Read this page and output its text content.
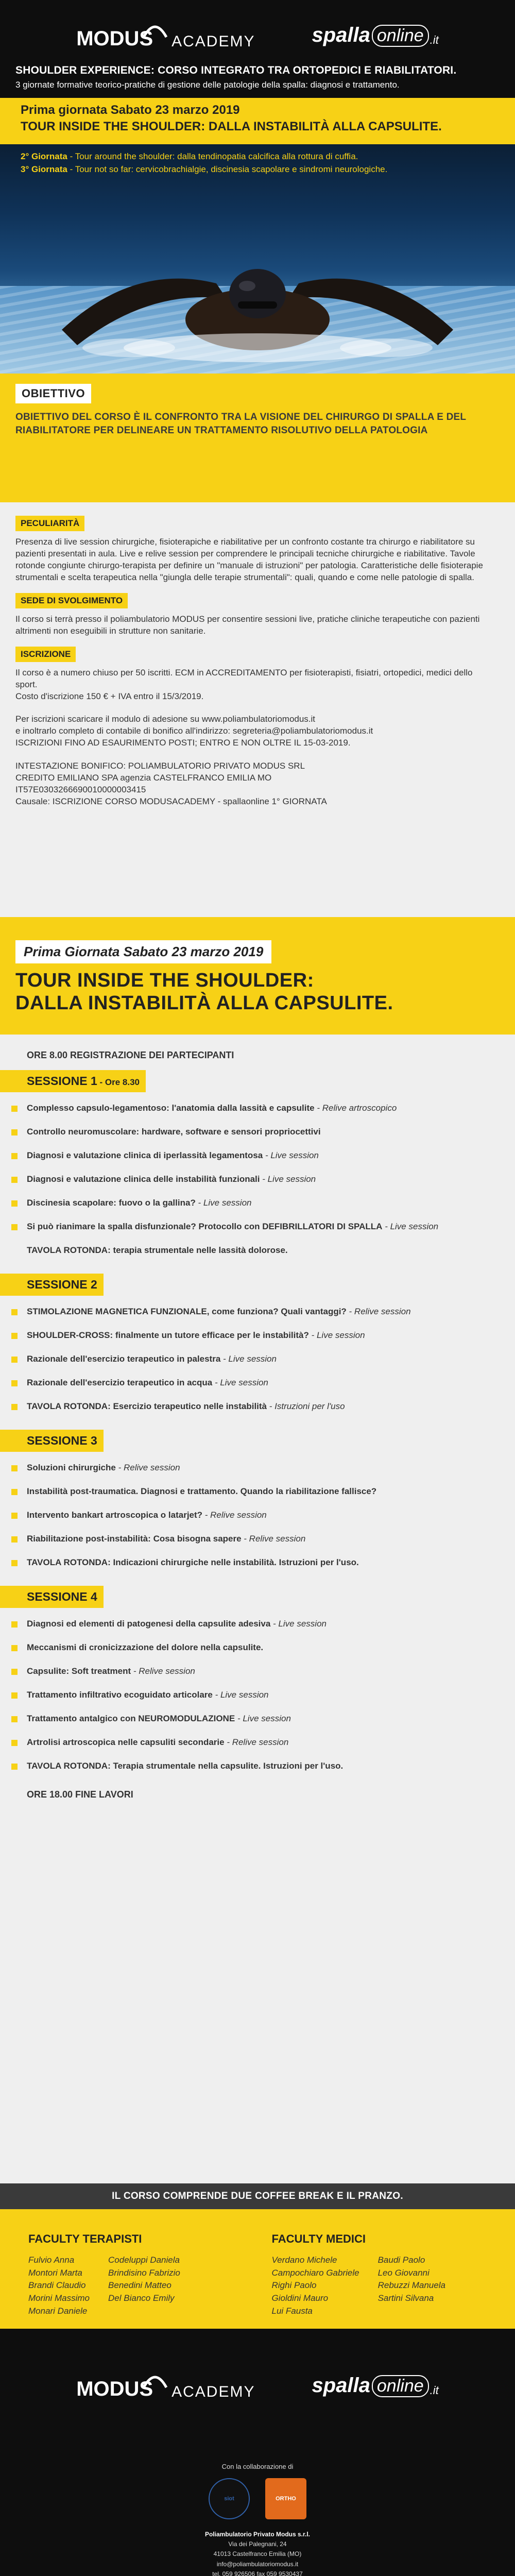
MODUS ACADEMY	spalla online .it
SHOULDER EXPERIENCE: CORSO INTEGRATO TRA ORTOPEDICI E RIABILITATORI.
3 giornate formative teorico-pratiche di gestione delle patologie della spalla: diagnosi e trattamento.
Prima giornata Sabato 23 marzo 2019
TOUR INSIDE THE SHOULDER: DALLA INSTABILITÀ ALLA CAPSULITE.
2° Giornata - Tour around the shoulder: dalla tendinopatia calcifica alla rottura di cuffia.
3° Giornata - Tour not so far: cervicobrachialgie, discinesia scapolare e sindromi neurologiche.
OBIETTIVO
OBIETTIVO DEL CORSO È IL CONFRONTO TRA LA VISIONE DEL CHIRURGO DI SPALLA E DEL RIABILITATORE PER DELINEARE UN TRATTAMENTO RISOLUTIVO DELLA PATOLOGIA
PECULIARITÀ

Presenza di live session chirurgiche, fisioterapiche e riabilitative per un confronto costante tra chirurgo e riabilitatore su pazienti presentati in aula. Live e relive session per comprendere le principali tecniche chirurgiche e riabilitative. Tavole rotonde congiunte chirurgo-terapista per definire un "manuale di istruzioni" per patologia. Caratteristiche delle fisioterapie strumentali e scelta terapeutica nella "giungla delle terapie strumentali": quali, quando e come nelle patologie di spalla.

SEDE DI SVOLGIMENTO

Il corso si terrà presso il poliambulatorio MODUS per consentire sessioni live, pratiche cliniche terapeutiche con pazienti altrimenti non eseguibili in strutture non sanitarie.

ISCRIZIONE

Il corso è a numero chiuso per 50 iscritti. ECM in ACCREDITAMENTO per fisioterapisti, fisiatri, ortopedici, medici dello sport.

Costo d'iscrizione 150 € + IVA entro il 15/3/2019.

Per iscrizioni scaricare il modulo di adesione su www.poliambulatoriomodus.it

e inoltrarlo completo di contabile di bonifico all'indirizzo: segreteria@poliambulatoriomodus.it

ISCRIZIONI FINO AD ESAURIMENTO POSTI; ENTRO E NON OLTRE IL 15-03-2019.

INTESTAZIONE BONIFICO: POLIAMBULATORIO PRIVATO MODUS SRL

CREDITO EMILIANO SPA agenzia CASTELFRANCO EMILIA MO

IT57E0303266690010000003415

Causale: ISCRIZIONE CORSO MODUSACADEMY - spallaonline 1° GIORNATA

Prima Giornata Sabato 23 marzo 2019
TOUR INSIDE THE SHOULDER:
DALLA INSTABILITÀ ALLA CAPSULITE.
ORE 8.00 REGISTRAZIONE DEI PARTECIPANTI
SESSIONE 1 - Ore 8.30
Complesso capsulo-legamentoso: l'anatomia dalla lassità e capsulite - Relive artroscopico
Controllo neuromuscolare: hardware, software e sensori propriocettivi
Diagnosi e valutazione clinica di iperlassità legamentosa - Live session
Diagnosi e valutazione clinica delle instabilità funzionali - Live session
Discinesia scapolare: fuovo o la gallina? - Live session
Si può rianimare la spalla disfunzionale? Protocollo con DEFIBRILLATORI DI SPALLA - Live session
TAVOLA ROTONDA: terapia strumentale nelle lassità dolorose.
SESSIONE 2
STIMOLAZIONE MAGNETICA FUNZIONALE, come funziona? Quali vantaggi? - Relive session
SHOULDER-CROSS: finalmente un tutore efficace per le instabilità? - Live session
Razionale dell'esercizio terapeutico in palestra - Live session
Razionale dell'esercizio terapeutico in acqua - Live session
TAVOLA ROTONDA: Esercizio terapeutico nelle instabilità - Istruzioni per l'uso
SESSIONE 3
Soluzioni chirurgiche - Relive session
Instabilità post-traumatica. Diagnosi e trattamento. Quando la riabilitazione fallisce?
Intervento bankart artroscopica o latarjet? - Relive session
Riabilitazione post-instabilità: Cosa bisogna sapere - Relive session
TAVOLA ROTONDA: Indicazioni chirurgiche nelle instabilità. Istruzioni per l'uso.
SESSIONE 4
Diagnosi ed elementi di patogenesi della capsulite adesiva - Live session
Meccanismi di cronicizzazione del dolore nella capsulite.
Capsulite: Soft treatment - Relive session
Trattamento infiltrativo ecoguidato articolare - Live session
Trattamento antalgico con NEUROMODULAZIONE - Live session
Artrolisi artroscopica nelle capsuliti secondarie - Relive session
TAVOLA ROTONDA: Terapia strumentale nella capsulite. Istruzioni per l'uso.
ORE 18.00 FINE LAVORI
IL CORSO COMPRENDE DUE COFFEE BREAK E IL PRANZO.
FACULTY TERAPISTI
Fulvio Anna
Montori Marta
Brandi Claudio
Morini Massimo
Monari Daniele
Codeluppi Daniela
Brindisino Fabrizio
Benedini Matteo
Del Bianco Emily
FACULTY MEDICI
Verdano Michele
Campochiaro Gabriele
Righi Paolo
Gioldini Mauro
Lui Fausta
Baudi Paolo
Leo Giovanni
Rebuzzi Manuela
Sartini Silvana
MODUS ACADEMY	spalla online .it
Con la collaborazione di
siot	ORTHO
Poliambulatorio Privato Modus s.r.l.
Via dei Palegnani, 24
41013 Castelfranco Emilia (MO)
info@poliambulatoriomodus.it
tel. 059 926506 fax 059 9530437
